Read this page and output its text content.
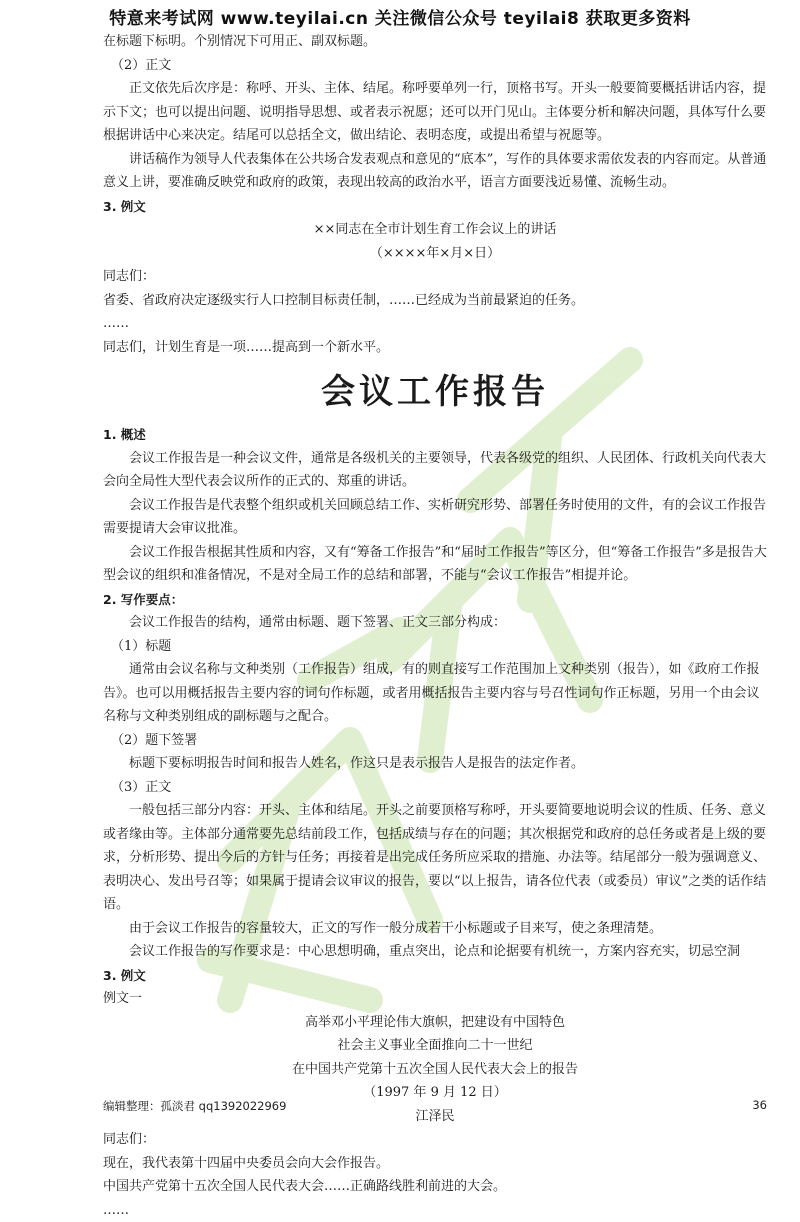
特意来考试网 www.teyilai.cn 关注微信公众号 teyilai8 获取更多资料

在标题下标明。个别情况下可用正、副双标题。

（2）正文

正文依先后次序是：称呼、开头、主体、结尾。称呼要单列一行，顶格书写。开头一般要简要概括讲话内容，提示下文；也可以提出问题、说明指导思想、或者表示祝愿；还可以开门见山。主体要分析和解决问题，具体写什么要根据讲话中心来决定。结尾可以总括全文，做出结论、表明态度，或提出希望与祝愿等。

讲话稿作为领导人代表集体在公共场合发表观点和意见的“底本”，写作的具体要求需依发表的内容而定。从普通意义上讲，要准确反映党和政府的政策，表现出较高的政治水平，语言方面要浅近易懂、流畅生动。

3. 例文

××同志在全市计划生育工作会议上的讲话

（××××年×月×日）

同志们：

省委、省政府决定逐级实行人口控制目标责任制，……已经成为当前最紧迫的任务。

……

同志们，计划生育是一项……提高到一个新水平。

会议工作报告

1. 概述

会议工作报告是一种会议文件，通常是各级机关的主要领导，代表各级党的组织、人民团体、行政机关向代表大会向全局性大型代表会议所作的正式的、郑重的讲话。

会议工作报告是代表整个组织或机关回顾总结工作、实析研究形势、部署任务时使用的文件，有的会议工作报告需要提请大会审议批准。

会议工作报告根据其性质和内容，又有“筹备工作报告”和“届时工作报告”等区分，但“筹备工作报告”多是报告大型会议的组织和准备情况，不是对全局工作的总结和部署，不能与“会议工作报告”相提并论。

2. 写作要点：

会议工作报告的结构，通常由标题、题下签署、正文三部分构成：

（1）标题

通常由会议名称与文种类别（工作报告）组成，有的则直接写工作范围加上文种类别（报告），如《政府工作报告》。也可以用概括报告主要内容的词句作标题，或者用概括报告主要内容与号召性词句作正标题，另用一个由会议名称与文种类别组成的副标题与之配合。

（2）题下签署

标题下要标明报告时间和报告人姓名，作这只是表示报告人是报告的法定作者。

（3）正文

一般包括三部分内容：开头、主体和结尾。开头之前要顶格写称呼，开头要简要地说明会议的性质、任务、意义或者缘由等。主体部分通常要先总结前段工作，包括成绩与存在的问题；其次根据党和政府的总任务或者是上级的要求，分析形势、提出今后的方针与任务；再接着是出完成任务所应采取的措施、办法等。结尾部分一般为强调意义、表明决心、发出号召等；如果属于提请会议审议的报告，要以“以上报告，请各位代表（或委员）审议”之类的话作结语。

由于会议工作报告的容量较大，正文的写作一般分成若干小标题或子目来写，使之条理清楚。

会议工作报告的写作要求是：中心思想明确，重点突出，论点和论据要有机统一，方案内容充实，切忌空洞

3. 例文

例文一

高举邓小平理论伟大旗帜，把建设有中国特色

社会主义事业全面推向二十一世纪

在中国共产党第十五次全国人民代表大会上的报告

（1997 年 9 月 12 日）

江泽民

同志们：

现在，我代表第十四届中央委员会向大会作报告。

中国共产党第十五次全国人民代表大会……正确路线胜利前进的大会。

……

编辑整理：孤淡君 qq1392022969	36
